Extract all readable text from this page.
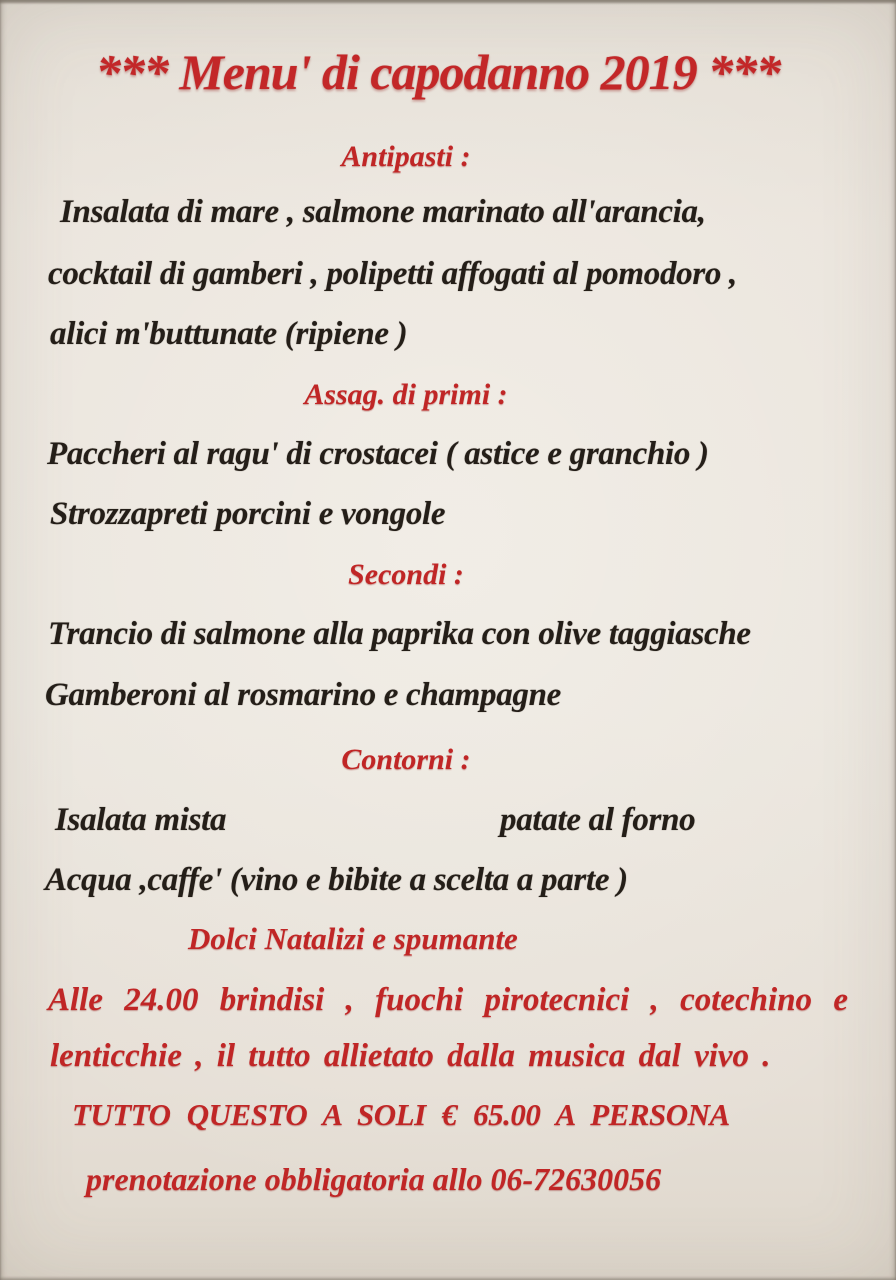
*** Menu' di capodanno 2019 ***
Antipasti :
Insalata di mare , salmone marinato all'arancia,
cocktail di gamberi , polipetti affogati al pomodoro ,
alici m'buttunate (ripiene )
Assag. di primi :
Paccheri al ragu' di crostacei ( astice e granchio )
Strozzapreti porcini e vongole
Secondi :
Trancio di salmone alla paprika con olive taggiasche
Gamberoni al rosmarino e champagne
Contorni :
Isalata mista	patate al forno
Acqua ,caffe' (vino e bibite a scelta a parte )
Dolci Natalizi e spumante
Alle 24.00 brindisi , fuochi pirotecnici , cotechino e
lenticchie , il tutto allietato dalla musica dal vivo .
TUTTO QUESTO A SOLI € 65.00 A PERSONA
prenotazione obbligatoria allo 06-72630056
